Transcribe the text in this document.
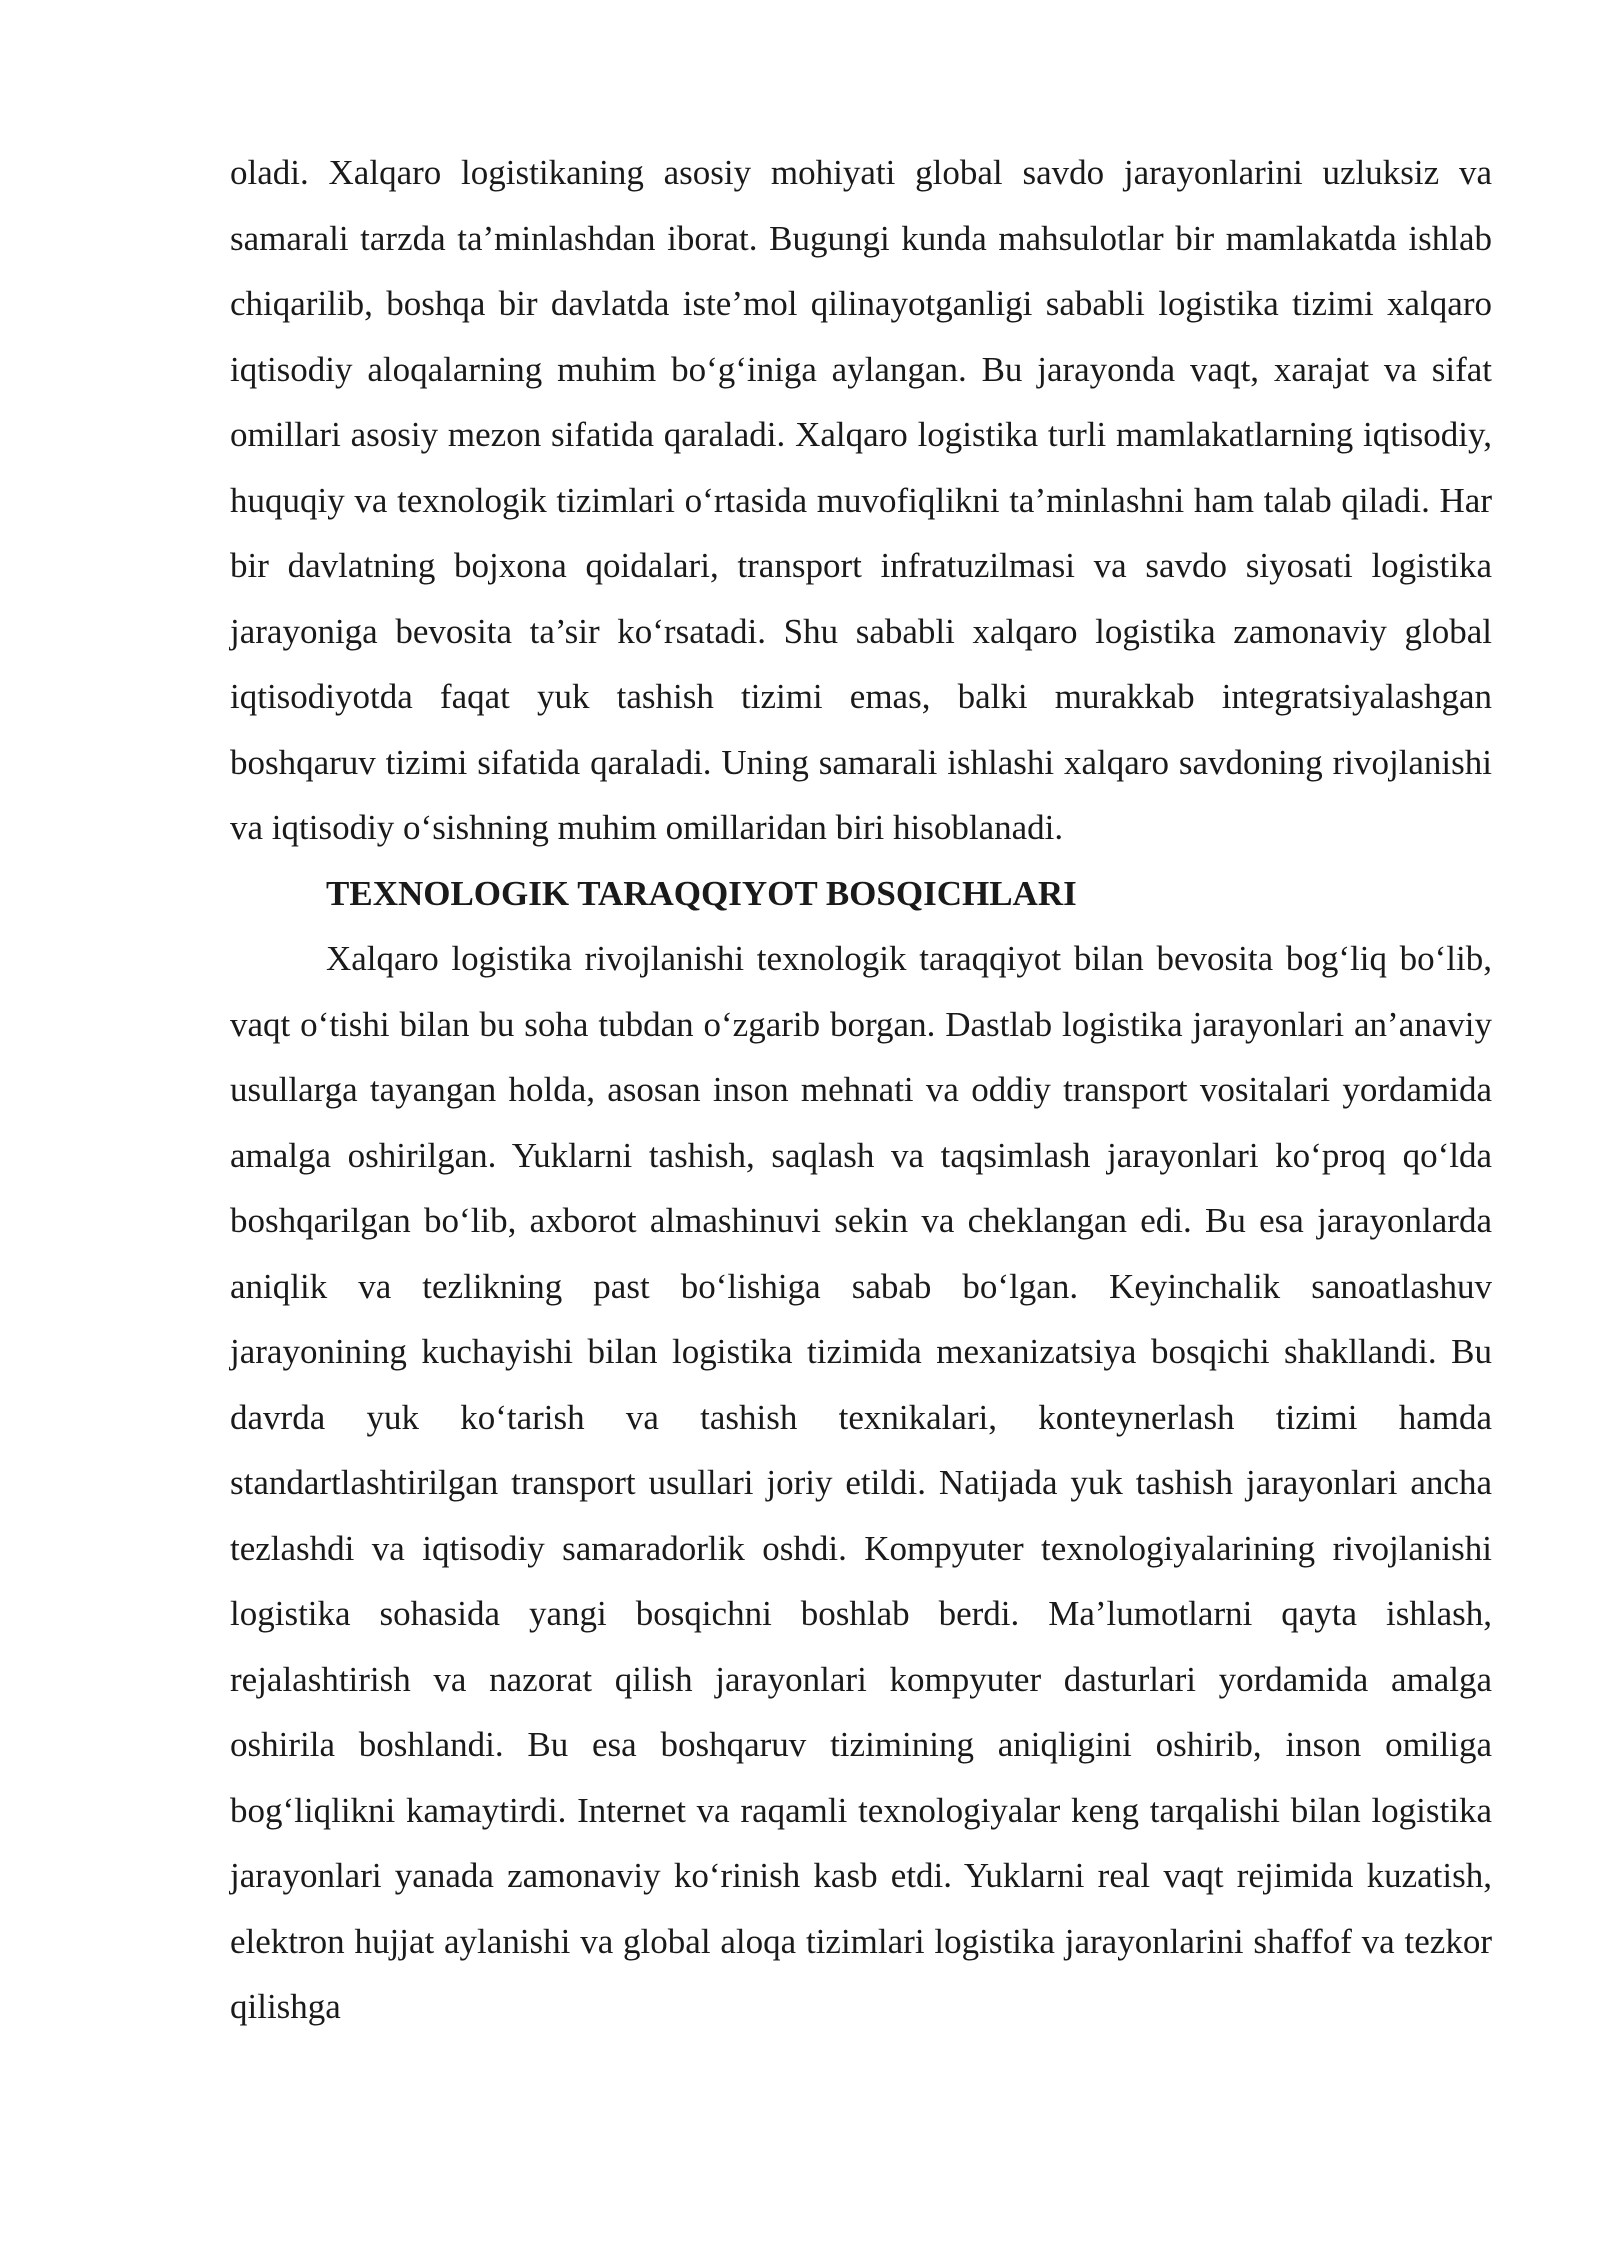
oladi. Xalqaro logistikaning asosiy mohiyati global savdo jarayonlarini uzluksiz va samarali tarzda ta’minlashdan iborat. Bugungi kunda mahsulotlar bir mamlakatda ishlab chiqarilib, boshqa bir davlatda iste’mol qilinayotganligi sababli logistika tizimi xalqaro iqtisodiy aloqalarning muhim bo‘g‘iniga aylangan. Bu jarayonda vaqt, xarajat va sifat omillari asosiy mezon sifatida qaraladi. Xalqaro logistika turli mamlakatlarning iqtisodiy, huquqiy va texnologik tizimlari o‘rtasida muvofiqlikni ta’minlashni ham talab qiladi. Har bir davlatning bojxona qoidalari, transport infratuzilmasi va savdo siyosati logistika jarayoniga bevosita ta’sir ko‘rsatadi. Shu sababli xalqaro logistika zamonaviy global iqtisodiyotda faqat yuk tashish tizimi emas, balki murakkab integratsiyalashgan boshqaruv tizimi sifatida qaraladi. Uning samarali ishlashi xalqaro savdoning rivojlanishi va iqtisodiy o‘sishning muhim omillaridan biri hisoblanadi.

TEXNOLOGIK TARAQQIYOT BOSQICHLARI

Xalqaro logistika rivojlanishi texnologik taraqqiyot bilan bevosita bog‘liq bo‘lib, vaqt o‘tishi bilan bu soha tubdan o‘zgarib borgan. Dastlab logistika jarayonlari an’anaviy usullarga tayangan holda, asosan inson mehnati va oddiy transport vositalari yordamida amalga oshirilgan. Yuklarni tashish, saqlash va taqsimlash jarayonlari ko‘proq qo‘lda boshqarilgan bo‘lib, axborot almashinuvi sekin va cheklangan edi. Bu esa jarayonlarda aniqlik va tezlikning past bo‘lishiga sabab bo‘lgan. Keyinchalik sanoatlashuv jarayonining kuchayishi bilan logistika tizimida mexanizatsiya bosqichi shakllandi. Bu davrda yuk ko‘tarish va tashish texnikalari, konteynerlash tizimi hamda standartlashtirilgan transport usullari joriy etildi. Natijada yuk tashish jarayonlari ancha tezlashdi va iqtisodiy samaradorlik oshdi. Kompyuter texnologiyalarining rivojlanishi logistika sohasida yangi bosqichni boshlab berdi. Ma’lumotlarni qayta ishlash, rejalashtirish va nazorat qilish jarayonlari kompyuter dasturlari yordamida amalga oshirila boshlandi. Bu esa boshqaruv tizimining aniqligini oshirib, inson omiliga bog‘liqlikni kamaytirdi. Internet va raqamli texnologiyalar keng tarqalishi bilan logistika jarayonlari yanada zamonaviy ko‘rinish kasb etdi. Yuklarni real vaqt rejimida kuzatish, elektron hujjat aylanishi va global aloqa tizimlari logistika jarayonlarini shaffof va tezkor qilishga
